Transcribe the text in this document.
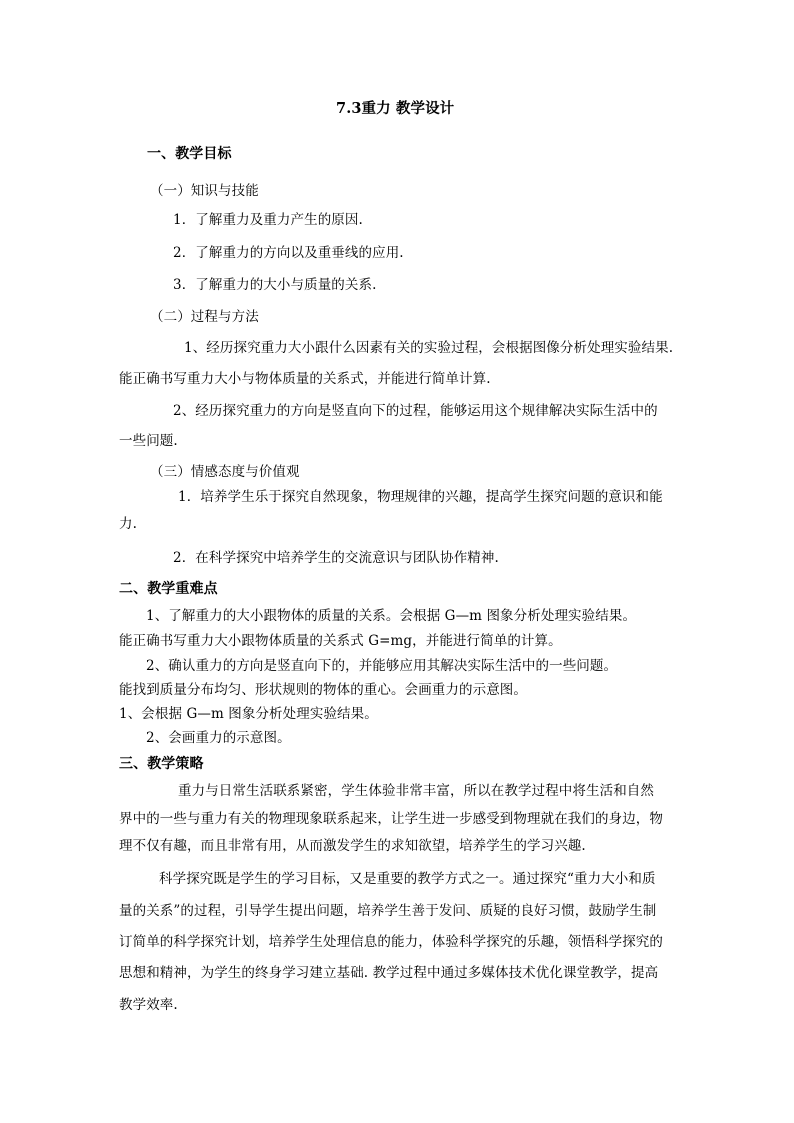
7.3重力 教学设计
一、教学目标
（一）知识与技能
1．了解重力及重力产生的原因.
2．了解重力的方向以及重垂线的应用.
3．了解重力的大小与质量的关系.
（二）过程与方法
1、经历探究重力大小跟什么因素有关的实验过程，会根据图像分析处理实验结果.
能正确书写重力大小与物体质量的关系式，并能进行简单计算.
2、经历探究重力的方向是竖直向下的过程，能够运用这个规律解决实际生活中的
一些问题.
（三）情感态度与价值观
1．培养学生乐于探究自然现象，物理规律的兴趣，提高学生探究问题的意识和能
力.
2．在科学探究中培养学生的交流意识与团队协作精神.
二、教学重难点
1、了解重力的大小跟物体的质量的关系。会根据 G—m 图象分析处理实验结果。
能正确书写重力大小跟物体质量的关系式 G=mg，并能进行简单的计算。
2、确认重力的方向是竖直向下的，并能够应用其解决实际生活中的一些问题。
能找到质量分布均匀、形状规则的物体的重心。会画重力的示意图。
1、会根据 G—m 图象分析处理实验结果。
2、会画重力的示意图。
三、教学策略
重力与日常生活联系紧密，学生体验非常丰富，所以在教学过程中将生活和自然
界中的一些与重力有关的物理现象联系起来，让学生进一步感受到物理就在我们的身边，物
理不仅有趣，而且非常有用，从而激发学生的求知欲望，培养学生的学习兴趣.
科学探究既是学生的学习目标，又是重要的教学方式之一。通过探究“重力大小和质
量的关系”的过程，引导学生提出问题，培养学生善于发问、质疑的良好习惯，鼓励学生制
订简单的科学探究计划，培养学生处理信息的能力，体验科学探究的乐趣，领悟科学探究的
思想和精神，为学生的终身学习建立基础. 教学过程中通过多媒体技术优化课堂教学，提高
教学效率.
